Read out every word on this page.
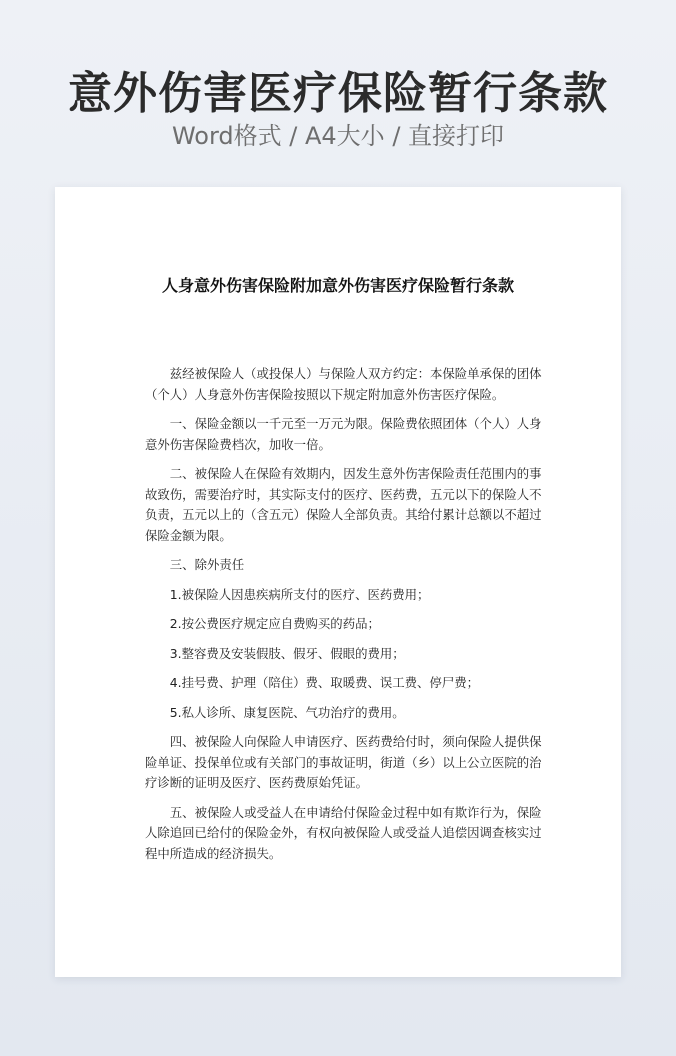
意外伤害医疗保险暂行条款

Word格式 / A4大小 / 直接打印

人身意外伤害保险附加意外伤害医疗保险暂行条款

兹经被保险人（或投保人）与保险人双方约定：本保险单承保的团体（个人）人身意外伤害保险按照以下规定附加意外伤害医疗保险。

一、保险金额以一千元至一万元为限。保险费依照团体（个人）人身意外伤害保险费档次，加收一倍。

二、被保险人在保险有效期内，因发生意外伤害保险责任范围内的事故致伤，需要治疗时，其实际支付的医疗、医药费，五元以下的保险人不负责，五元以上的（含五元）保险人全部负责。其给付累计总额以不超过保险金额为限。

三、除外责任

1.被保险人因患疾病所支付的医疗、医药费用；

2.按公费医疗规定应自费购买的药品；

3.整容费及安装假肢、假牙、假眼的费用；

4.挂号费、护理（陪住）费、取暖费、误工费、停尸费；

5.私人诊所、康复医院、气功治疗的费用。

四、被保险人向保险人申请医疗、医药费给付时，须向保险人提供保险单证、投保单位或有关部门的事故证明，街道（乡）以上公立医院的治疗诊断的证明及医疗、医药费原始凭证。

五、被保险人或受益人在申请给付保险金过程中如有欺诈行为，保险人除追回已给付的保险金外，有权向被保险人或受益人追偿因调查核实过程中所造成的经济损失。
